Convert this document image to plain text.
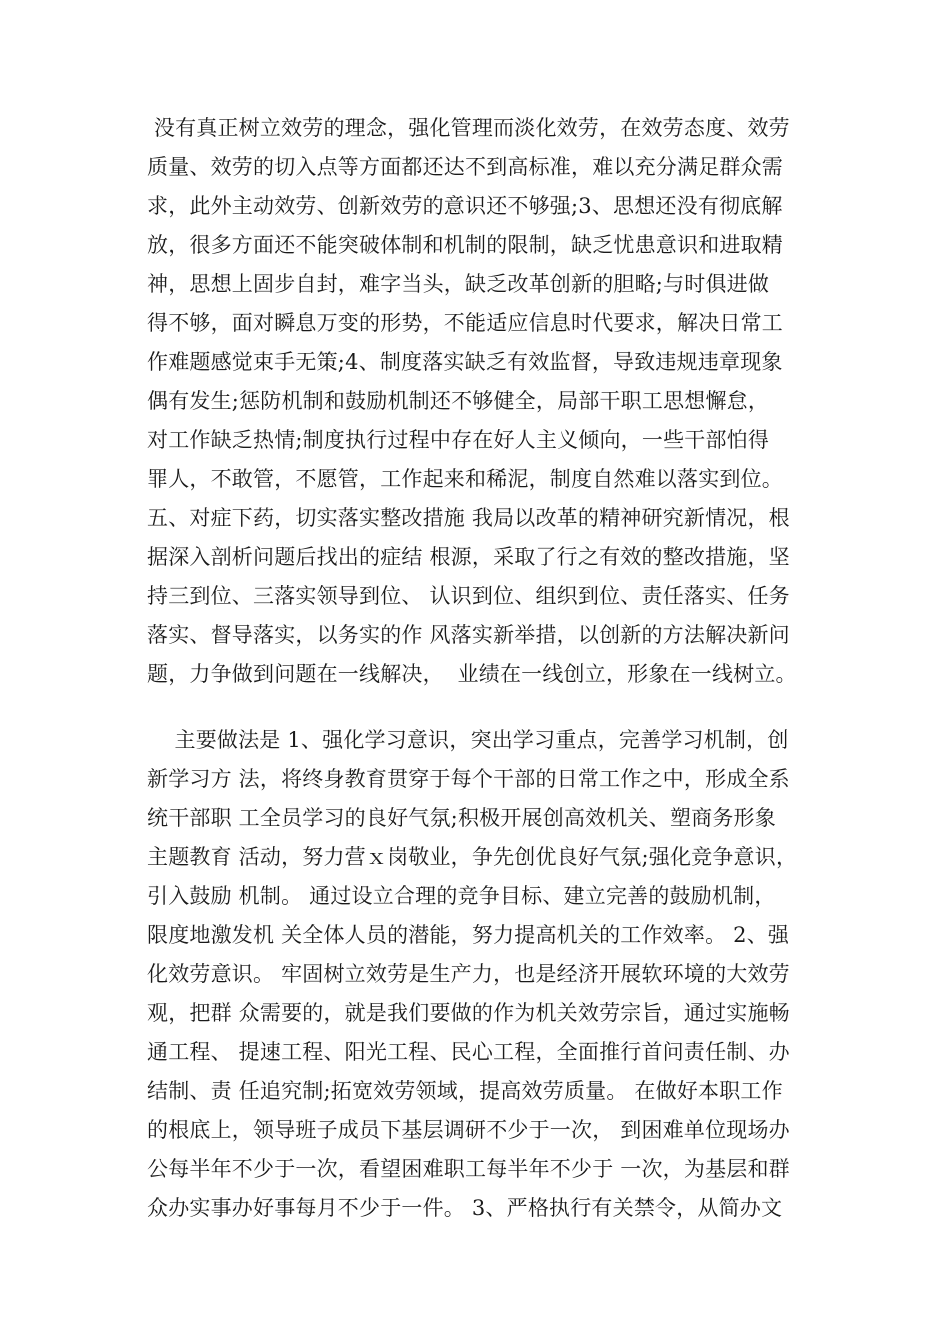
没有真正树立效劳的理念，强化管理而淡化效劳，在效劳态度、效劳
质量、效劳的切入点等方面都还达不到高标准，难以充分满足群众需
求，此外主动效劳、创新效劳的意识还不够强;3、思想还没有彻底解
放，很多方面还不能突破体制和机制的限制，缺乏忧患意识和进取精
神，思想上固步自封，难字当头，缺乏改革创新的胆略;与时俱进做
得不够，面对瞬息万变的形势，不能适应信息时代要求，解决日常工
作难题感觉束手无策;4、制度落实缺乏有效监督，导致违规违章现象
偶有发生;惩防机制和鼓励机制还不够健全，局部干职工思想懈怠，
对工作缺乏热情;制度执行过程中存在好人主义倾向，一些干部怕得
罪人，不敢管，不愿管，工作起来和稀泥，制度自然难以落实到位。
五、对症下药，切实落实整改措施 我局以改革的精神研究新情况，根
据深入剖析问题后找出的症结 根源，采取了行之有效的整改措施，坚
持三到位、三落实领导到位、 认识到位、组织到位、责任落实、任务
落实、督导落实，以务实的作 风落实新举措，以创新的方法解决新问
题，力争做到问题在一线解决，  业绩在一线创立，形象在一线树立。
主要做法是 1、强化学习意识，突出学习重点，完善学习机制，创
新学习方 法，将终身教育贯穿于每个干部的日常工作之中，形成全系
统干部职 工全员学习的良好气氛;积极开展创高效机关、塑商务形象
主题教育 活动，努力营ｘ岗敬业，争先创优良好气氛;强化竞争意识，
引入鼓励 机制。 通过设立合理的竞争目标、建立完善的鼓励机制，
限度地激发机 关全体人员的潜能，努力提高机关的工作效率。 2、强
化效劳意识。 牢固树立效劳是生产力，也是经济开展软环境的大效劳
观，把群 众需要的，就是我们要做的作为机关效劳宗旨，通过实施畅
通工程、 提速工程、阳光工程、民心工程，全面推行首问责任制、办
结制、责 任追究制;拓宽效劳领域，提高效劳质量。 在做好本职工作
的根底上，领导班子成员下基层调研不少于一次， 到困难单位现场办
公每半年不少于一次，看望困难职工每半年不少于 一次，为基层和群
众办实事办好事每月不少于一件。 3、严格执行有关禁令，从简办文
